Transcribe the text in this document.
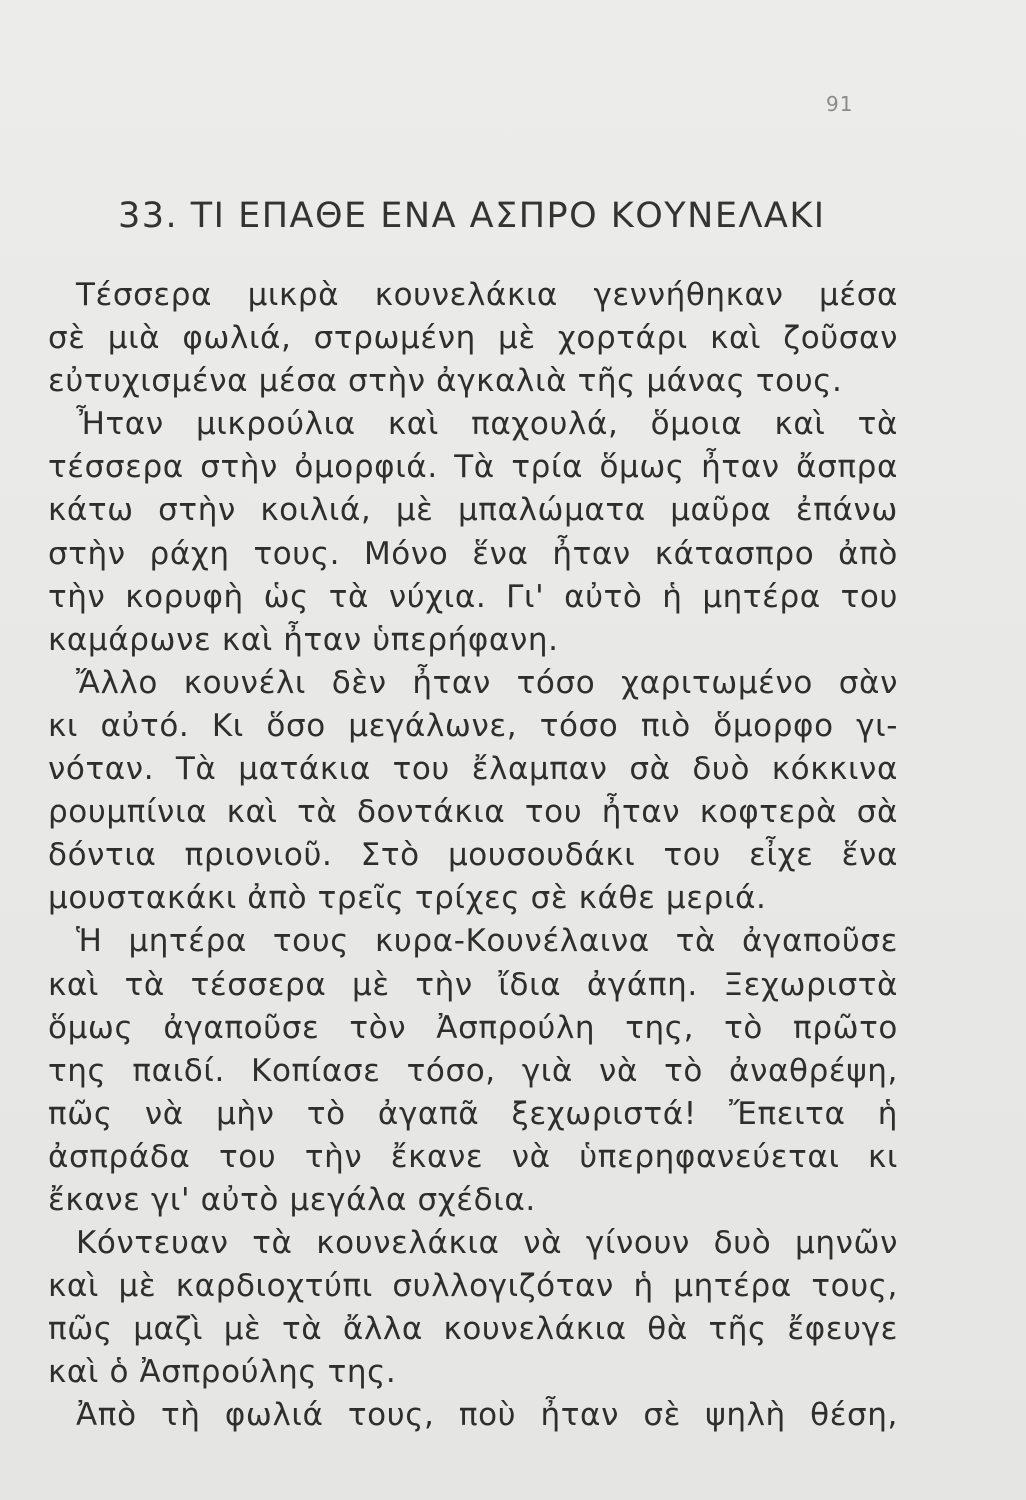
91
33. ΤΙ ΕΠΑΘΕ ΕΝΑ ΑΣΠΡΟ ΚΟΥΝΕΛΑΚΙ
Τέσσερα μικρὰ κουνελάκια γεννήθηκαν μέσα
σὲ μιὰ φωλιά, στρωμένη μὲ χορτάρι καὶ ζοῦσαν
εὐτυχισμένα μέσα στὴν ἀγκαλιὰ τῆς μάνας τους.
Ἦταν μικρούλια καὶ παχουλά, ὅμοια καὶ τὰ
τέσσερα στὴν ὀμορφιά. Τὰ τρία ὅμως ἦταν ἄσπρα
κάτω στὴν κοιλιά, μὲ μπαλώματα μαῦρα ἐπάνω
στὴν ράχη τους. Μόνο ἕνα ἦταν κάτασπρο ἀπὸ
τὴν κορυφὴ ὡς τὰ νύχια. Γι' αὐτὸ ἡ μητέρα του
καμάρωνε καὶ ἦταν ὑπερήφανη.
Ἄλλο κουνέλι δὲν ἦταν τόσο χαριτωμένο σὰν
κι αὐτό. Κι ὅσο μεγάλωνε, τόσο πιὸ ὅμορφο γι-
νόταν. Τὰ ματάκια του ἔλαμπαν σὰ δυὸ κόκκινα
ρουμπίνια καὶ τὰ δοντάκια του ἦταν κοφτερὰ σὰ
δόντια πριονιοῦ. Στὸ μουσουδάκι του εἶχε ἕνα
μουστακάκι ἀπὸ τρεῖς τρίχες σὲ κάθε μεριά.
Ἡ μητέρα τους κυρα-Κουνέλαινα τὰ ἀγαποῦσε
καὶ τὰ τέσσερα μὲ τὴν ἴδια ἀγάπη. Ξεχωριστὰ
ὅμως ἀγαποῦσε τὸν Ἀσπρούλη της, τὸ πρῶτο
της παιδί. Κοπίασε τόσο, γιὰ νὰ τὸ ἀναθρέψη,
πῶς νὰ μὴν τὸ ἀγαπᾶ ξεχωριστά! Ἔπειτα ἡ
ἀσπράδα του τὴν ἔκανε νὰ ὑπερηφανεύεται κι
ἔκανε γι' αὐτὸ μεγάλα σχέδια.
Κόντευαν τὰ κουνελάκια νὰ γίνουν δυὸ μηνῶν
καὶ μὲ καρδιοχτύπι συλλογιζόταν ἡ μητέρα τους,
πῶς μαζὶ μὲ τὰ ἄλλα κουνελάκια θὰ τῆς ἔφευγε
καὶ ὁ Ἀσπρούλης της.
Ἀπὸ τὴ φωλιά τους, ποὺ ἦταν σὲ ψηλὴ θέση,
